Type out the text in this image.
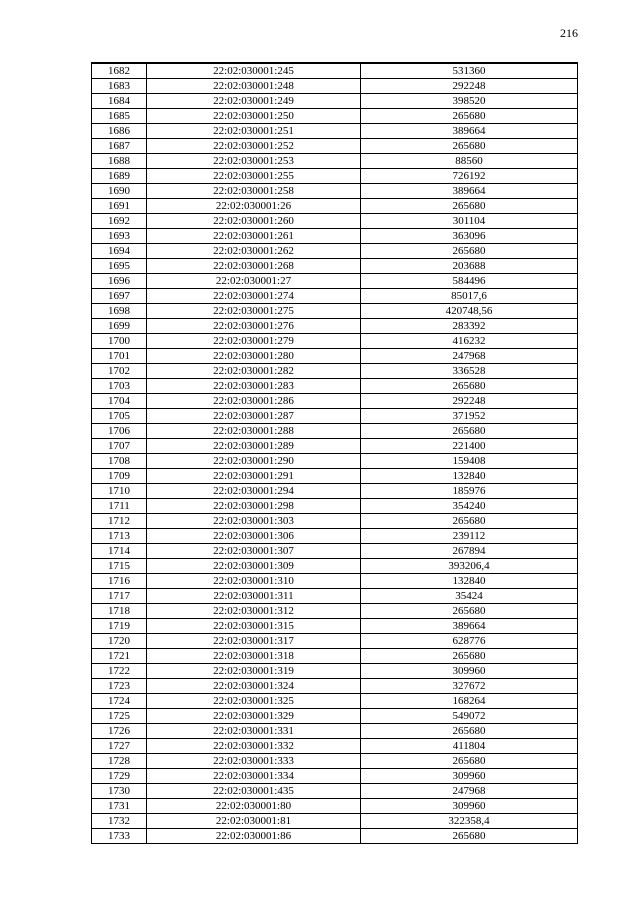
216
1682	22:02:030001:245	531360
1683	22:02:030001:248	292248
1684	22:02:030001:249	398520
1685	22:02:030001:250	265680
1686	22:02:030001:251	389664
1687	22:02:030001:252	265680
1688	22:02:030001:253	88560
1689	22:02:030001:255	726192
1690	22:02:030001:258	389664
1691	22:02:030001:26	265680
1692	22:02:030001:260	301104
1693	22:02:030001:261	363096
1694	22:02:030001:262	265680
1695	22:02:030001:268	203688
1696	22:02:030001:27	584496
1697	22:02:030001:274	85017,6
1698	22:02:030001:275	420748,56
1699	22:02:030001:276	283392
1700	22:02:030001:279	416232
1701	22:02:030001:280	247968
1702	22:02:030001:282	336528
1703	22:02:030001:283	265680
1704	22:02:030001:286	292248
1705	22:02:030001:287	371952
1706	22:02:030001:288	265680
1707	22:02:030001:289	221400
1708	22:02:030001:290	159408
1709	22:02:030001:291	132840
1710	22:02:030001:294	185976
1711	22:02:030001:298	354240
1712	22:02:030001:303	265680
1713	22:02:030001:306	239112
1714	22:02:030001:307	267894
1715	22:02:030001:309	393206,4
1716	22:02:030001:310	132840
1717	22:02:030001:311	35424
1718	22:02:030001:312	265680
1719	22:02:030001:315	389664
1720	22:02:030001:317	628776
1721	22:02:030001:318	265680
1722	22:02:030001:319	309960
1723	22:02:030001:324	327672
1724	22:02:030001:325	168264
1725	22:02:030001:329	549072
1726	22:02:030001:331	265680
1727	22:02:030001:332	411804
1728	22:02:030001:333	265680
1729	22:02:030001:334	309960
1730	22:02:030001:435	247968
1731	22:02:030001:80	309960
1732	22:02:030001:81	322358,4
1733	22:02:030001:86	265680
